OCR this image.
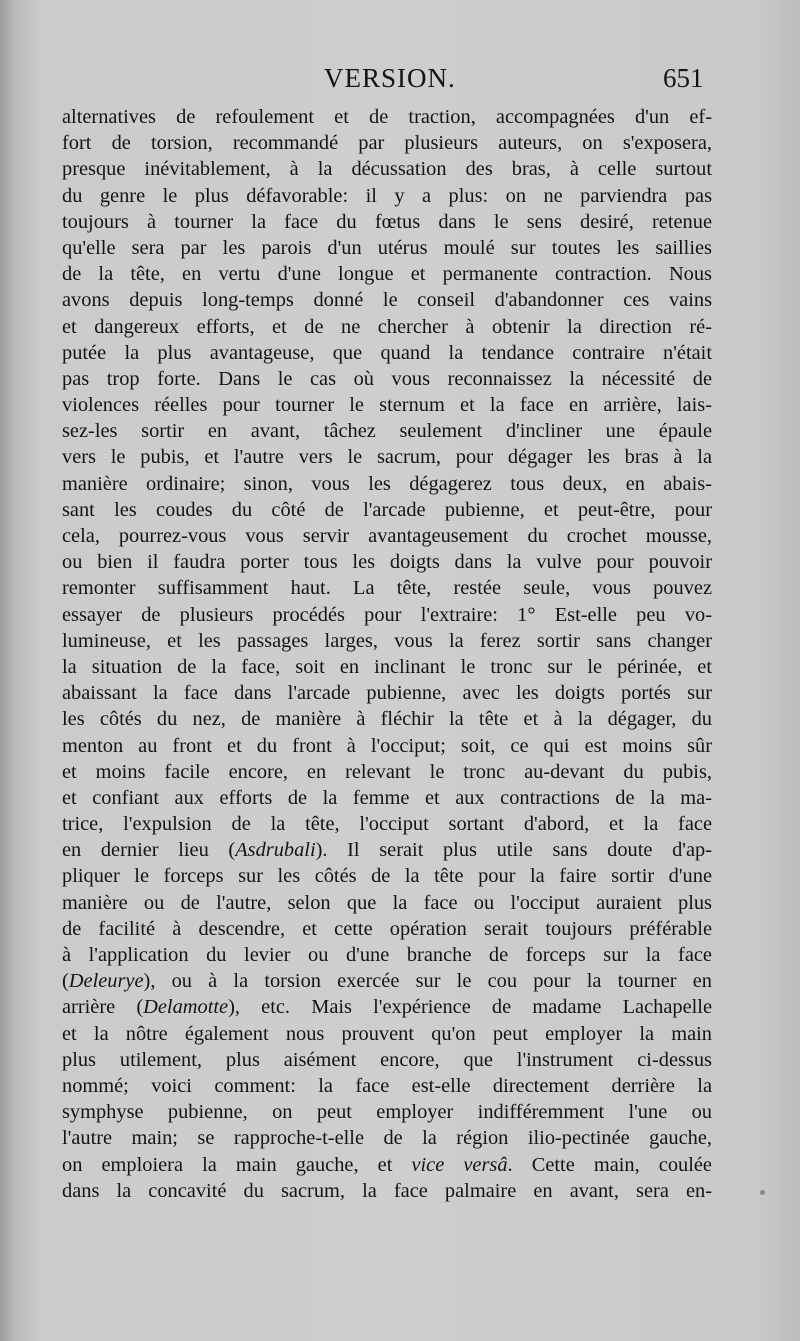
VERSION.	651
alternatives de refoulement et de traction, accompagnées d'un ef-
fort de torsion, recommandé par plusieurs auteurs, on s'exposera,
presque inévitablement, à la décussation des bras, à celle surtout
du genre le plus défavorable: il y a plus: on ne parviendra pas
toujours à tourner la face du fœtus dans le sens desiré, retenue
qu'elle sera par les parois d'un utérus moulé sur toutes les saillies
de la tête, en vertu d'une longue et permanente contraction. Nous
avons depuis long-temps donné le conseil d'abandonner ces vains
et dangereux efforts, et de ne chercher à obtenir la direction ré-
putée la plus avantageuse, que quand la tendance contraire n'était
pas trop forte. Dans le cas où vous reconnaissez la nécessité de
violences réelles pour tourner le sternum et la face en arrière, lais-
sez-les sortir en avant, tâchez seulement d'incliner une épaule
vers le pubis, et l'autre vers le sacrum, pour dégager les bras à la
manière ordinaire; sinon, vous les dégagerez tous deux, en abais-
sant les coudes du côté de l'arcade pubienne, et peut-être, pour
cela, pourrez-vous vous servir avantageusement du crochet mousse,
ou bien il faudra porter tous les doigts dans la vulve pour pouvoir
remonter suffisamment haut. La tête, restée seule, vous pouvez
essayer de plusieurs procédés pour l'extraire: 1° Est-elle peu vo-
lumineuse, et les passages larges, vous la ferez sortir sans changer
la situation de la face, soit en inclinant le tronc sur le périnée, et
abaissant la face dans l'arcade pubienne, avec les doigts portés sur
les côtés du nez, de manière à fléchir la tête et à la dégager, du
menton au front et du front à l'occiput; soit, ce qui est moins sûr
et moins facile encore, en relevant le tronc au-devant du pubis,
et confiant aux efforts de la femme et aux contractions de la ma-
trice, l'expulsion de la tête, l'occiput sortant d'abord, et la face
en dernier lieu (Asdrubali). Il serait plus utile sans doute d'ap-
pliquer le forceps sur les côtés de la tête pour la faire sortir d'une
manière ou de l'autre, selon que la face ou l'occiput auraient plus
de facilité à descendre, et cette opération serait toujours préférable
à l'application du levier ou d'une branche de forceps sur la face
(Deleurye), ou à la torsion exercée sur le cou pour la tourner en
arrière (Delamotte), etc. Mais l'expérience de madame Lachapelle
et la nôtre également nous prouvent qu'on peut employer la main
plus utilement, plus aisément encore, que l'instrument ci-dessus
nommé; voici comment: la face est-elle directement derrière la
symphyse pubienne, on peut employer indifféremment l'une ou
l'autre main; se rapproche-t-elle de la région ilio-pectinée gauche,
on emploiera la main gauche, et vice versâ. Cette main, coulée
dans la concavité du sacrum, la face palmaire en avant, sera en-
